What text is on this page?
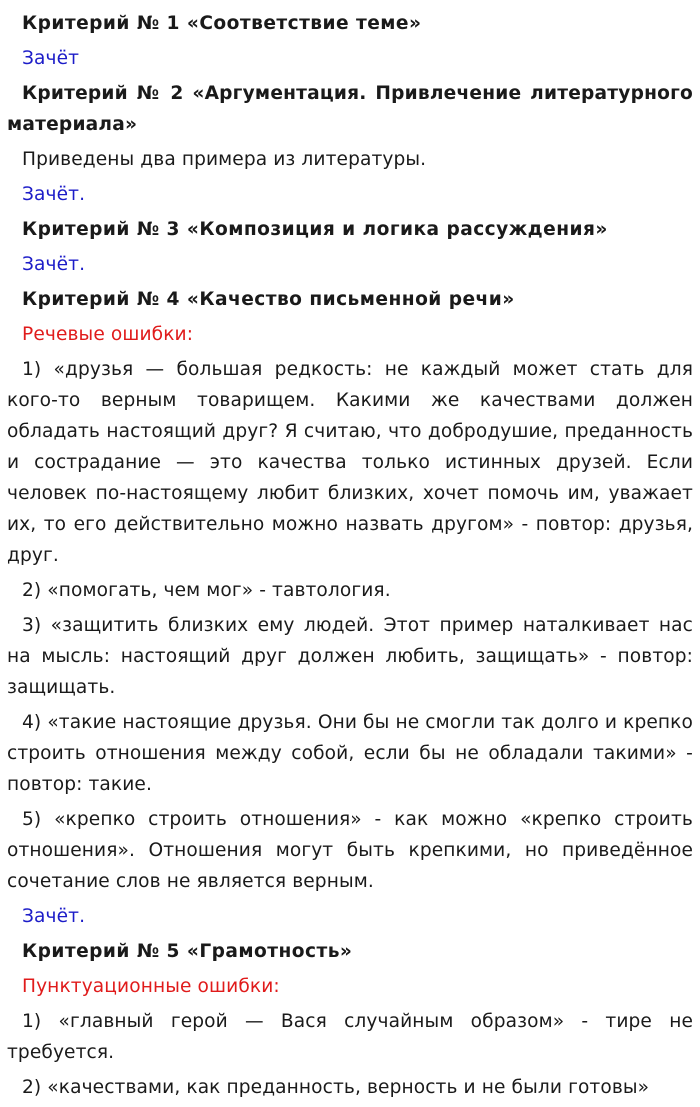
Критерий № 1 «Соответствие теме»

Зачёт

Критерий № 2 «Аргументация. Привлечение литературного материала»

Приведены два примера из литературы.

Зачёт.

Критерий № 3 «Композиция и логика рассуждения»

Зачёт.

Критерий № 4 «Качество письменной речи»

Речевые ошибки:

1) «друзья — большая редкость: не каждый может стать для кого-то верным товарищем. Какими же качествами должен обладать настоящий друг? Я считаю, что добродушие, преданность и сострадание — это качества только истинных друзей. Если человек по-настоящему любит близких, хочет помочь им, уважает их, то его действительно можно назвать другом» - повтор: друзья, друг.

2) «помогать, чем мог» - тавтология.

3) «защитить близких ему людей. Этот пример наталкивает нас на мысль: настоящий друг должен любить, защищать» - повтор: защищать.

4) «такие настоящие друзья. Они бы не смогли так долго и крепко строить отношения между собой, если бы не обладали такими» - повтор: такие.

5) «крепко строить отношения» - как можно «крепко строить отношения». Отношения могут быть крепкими, но приведённое сочетание слов не является верным.

Зачёт.

Критерий № 5 «Грамотность»

Пунктуационные ошибки:

1) «главный герой — Вася случайным образом» - тире не требуется.

2) «качествами, как преданность, верность и не были готовы»
